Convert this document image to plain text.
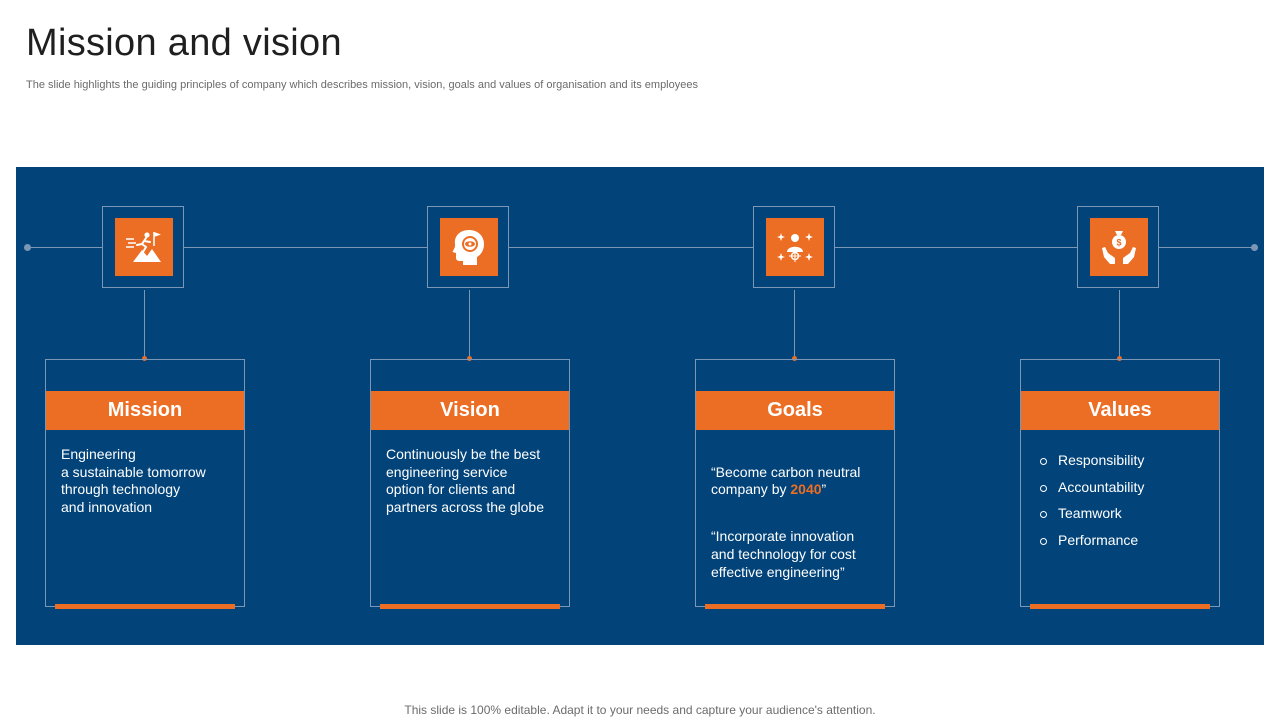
Mission and vision

The slide highlights the guiding principles of company which describes mission, vision, goals and values of organisation and its employees

Mission
Engineering
a sustainable tomorrow
through technology
and innovation
Vision
Continuously be the best
engineering service
option for clients and
partners across the globe
Goals

“Become carbon neutral
company by 2040”

“Incorporate innovation
and technology for cost
effective engineering”

$
Values
Responsibility
Accountability
Teamwork
Performance

This slide is 100% editable. Adapt it to your needs and capture your audience's attention.
